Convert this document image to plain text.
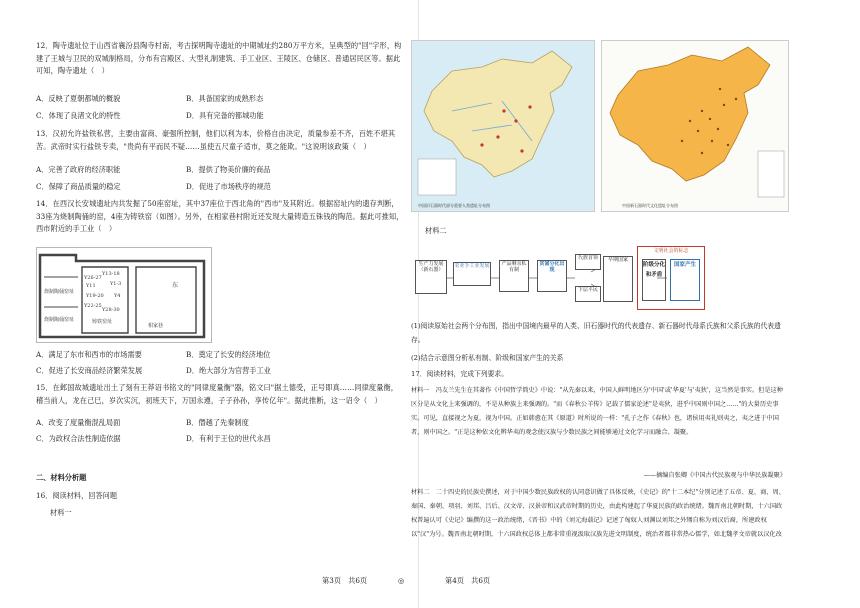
12．陶寺遗址位于山西省襄汾县陶寺村南，考古探明陶寺遗址的中期城址约280万平方米，呈典型的"回"字形，构建了王城与卫民的双城制格局，分布有宫殿区、大型礼制建筑、手工业区、王陵区、仓储区、普通居民区等。据此可知，陶寺遗址（　）
A．反映了夏朝都城的概貌	B．具备国家的成熟形态
C．体现了良渚文化的特性	D．具有完备的都城功能
13．汉初允许盐铁私营，主要由富商、豪强所控制，他们以利为本，价格自由决定，质量参差不齐，百姓不堪其苦。武帝时实行盐铁专卖，"贵尚有平而民不疑……虽使五尺童子适市，莫之能欺。"这说明该政策（　）
A．完善了政府的经济职能	B．提供了物美价廉的商品
C．保障了商品质量的稳定	D．促进了市场秩序的规范
14．在西汉长安城遗址内共发掘了50座窑址，其中37座位于西北角的"西市"及其附近。根据窑址内的遗存判断，33座为烧制陶俑的窑，4座为铸铁窑（如图）。另外，在相家巷村附近还发现大量铸造五铢钱的陶范。据此可推知，西市附近的手工业（　）
东
Y26-27
Y13-18
Y11	Y1-3
Y19-20 Y4
Y22-25
Y28-30
烧制陶俑窑址
烧制陶俑窑址	铸铁窑址
相家巷
A．满足了东市和西市的市场需要	B．奠定了长安的经济地位
C．促进了长安商品经济繁荣发展	D．绝大部分为官营手工业
15．在邺国故城遗址出土了刻有王莽诏书铭文的"同律度量衡"器，铭文曰"据土德受，正号即真……同律度量衡，稽当前人，龙在己巳，岁次实沉，初班天下，万国永遵，子子孙孙，享传亿年"。据此推断，这一诏令（　）
A．改变了度量衡混乱局面	B．僭越了先秦制度
C．为政权合法性制造依据	D．有利于王位的世代永昌
二、材料分析题
16．阅读材料，回答问题
材料一
第3页　共6页
中国旧石器时代部分重要人类遗址分布图	中国新石器时代文化遗址分布图
材料二
生产力发展（新石器）
农业手工业发展	产品剩余私有制
贫富分化出现
氏族首领
下层平民
早期国家
文明社会的标志
阶级分化和矛盾
国家产生
(1)阅读原始社会两个分布图，指出中国境内最早的人类、旧石器时代的代表遗存、新石器时代母系氏族和父系氏族的代表遗存。
(2)结合示意图分析私有制、阶级和国家产生的关系
17．阅读材料，完成下列要求。
材料一　冯友兰先生在其著作《中国哲学简史》中说："从先秦以来，中国人鲜明地区分'中国'或'华夏'与'夷狄'，这当然是事实。但是这种区分是从文化上来强调的，不是从种族上来强调的。"而《春秋公羊传》记载了儒家论述"是夷狄，进乎中国则中国之……"的大量历史事实。可见，直接视之为夏，视为中国。正如韩愈在其《原道》时所说的一样："孔子之作《春秋》也，诸侯用夷礼则夷之，夷之进于中国者，则中国之。"正是这种依文化辨华夷的观念使汉族与少数民族之间能够通过文化学习而融合、凝聚。
——摘编自张卿《中国古代民族观与中华民族凝聚》
材料二　二十四史的民族史撰述，对于中国少数民族政权的认同意识做了具体反映，《史记》的"十二本纪"分别记述了五帝、夏、商、周、秦国、秦朝、项羽、刘邦、吕后、汉文帝、汉景帝和汉武帝时期的历史，由此构建起了华夏民族的政治统绪。魏晋南北朝时期，十六国政权普遍认可《史记》编撰的这一政治统绪，《晋书》中的《刘元海载记》记述了匈奴人刘渊以刘邦之外甥自称为刘汉后裔，所建政权以"汉"为号。魏晋南北朝时期，十六国政权总体上都非常重视汲取汉族先进文明制度，统治者都非常热心儒学，如北魏孝文帝就以汉化改
◎	第4页　共6页
